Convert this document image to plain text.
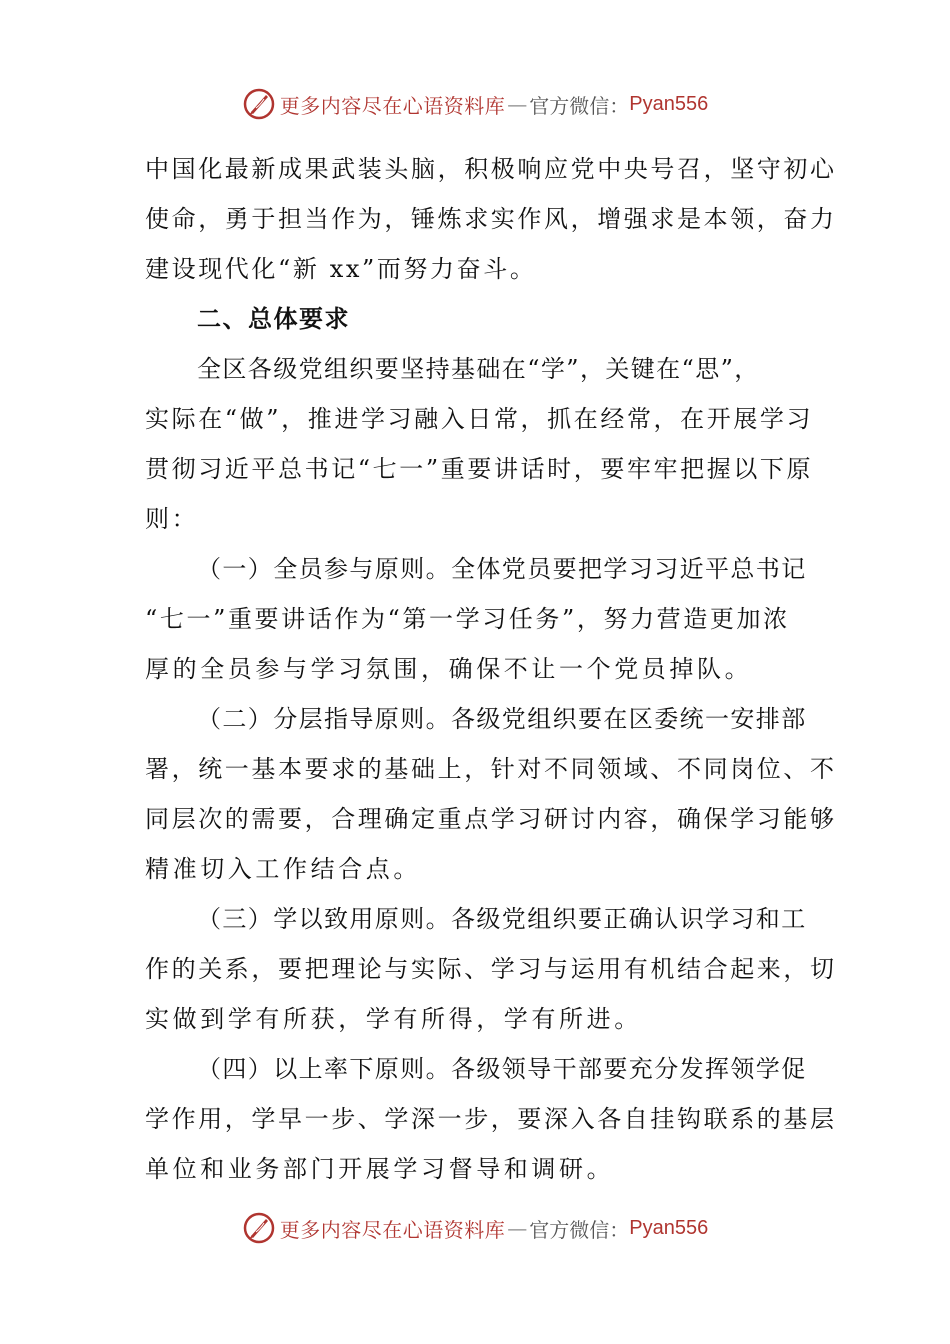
更多内容尽在心语资料库 — 官方微信： Pyan556
中国化最新成果武装头脑，积极响应党中央号召，坚守初心
使命，勇于担当作为，锤炼求实作风，增强求是本领，奋力
建设现代化“新 xx”而努力奋斗。
二、总体要求
全区各级党组织要坚持基础在“学”，关键在“思”，
实际在“做”，推进学习融入日常，抓在经常，在开展学习
贯彻习近平总书记“七一”重要讲话时，要牢牢把握以下原
则：
（一）全员参与原则。全体党员要把学习习近平总书记
“七一”重要讲话作为“第一学习任务”，努力营造更加浓
厚的全员参与学习氛围，确保不让一个党员掉队。
（二）分层指导原则。各级党组织要在区委统一安排部
署，统一基本要求的基础上，针对不同领域、不同岗位、不
同层次的需要，合理确定重点学习研讨内容，确保学习能够
精准切入工作结合点。
（三）学以致用原则。各级党组织要正确认识学习和工
作的关系，要把理论与实际、学习与运用有机结合起来，切
实做到学有所获，学有所得，学有所进。
（四）以上率下原则。各级领导干部要充分发挥领学促
学作用，学早一步、学深一步，要深入各自挂钩联系的基层
单位和业务部门开展学习督导和调研。
更多内容尽在心语资料库 — 官方微信： Pyan556
